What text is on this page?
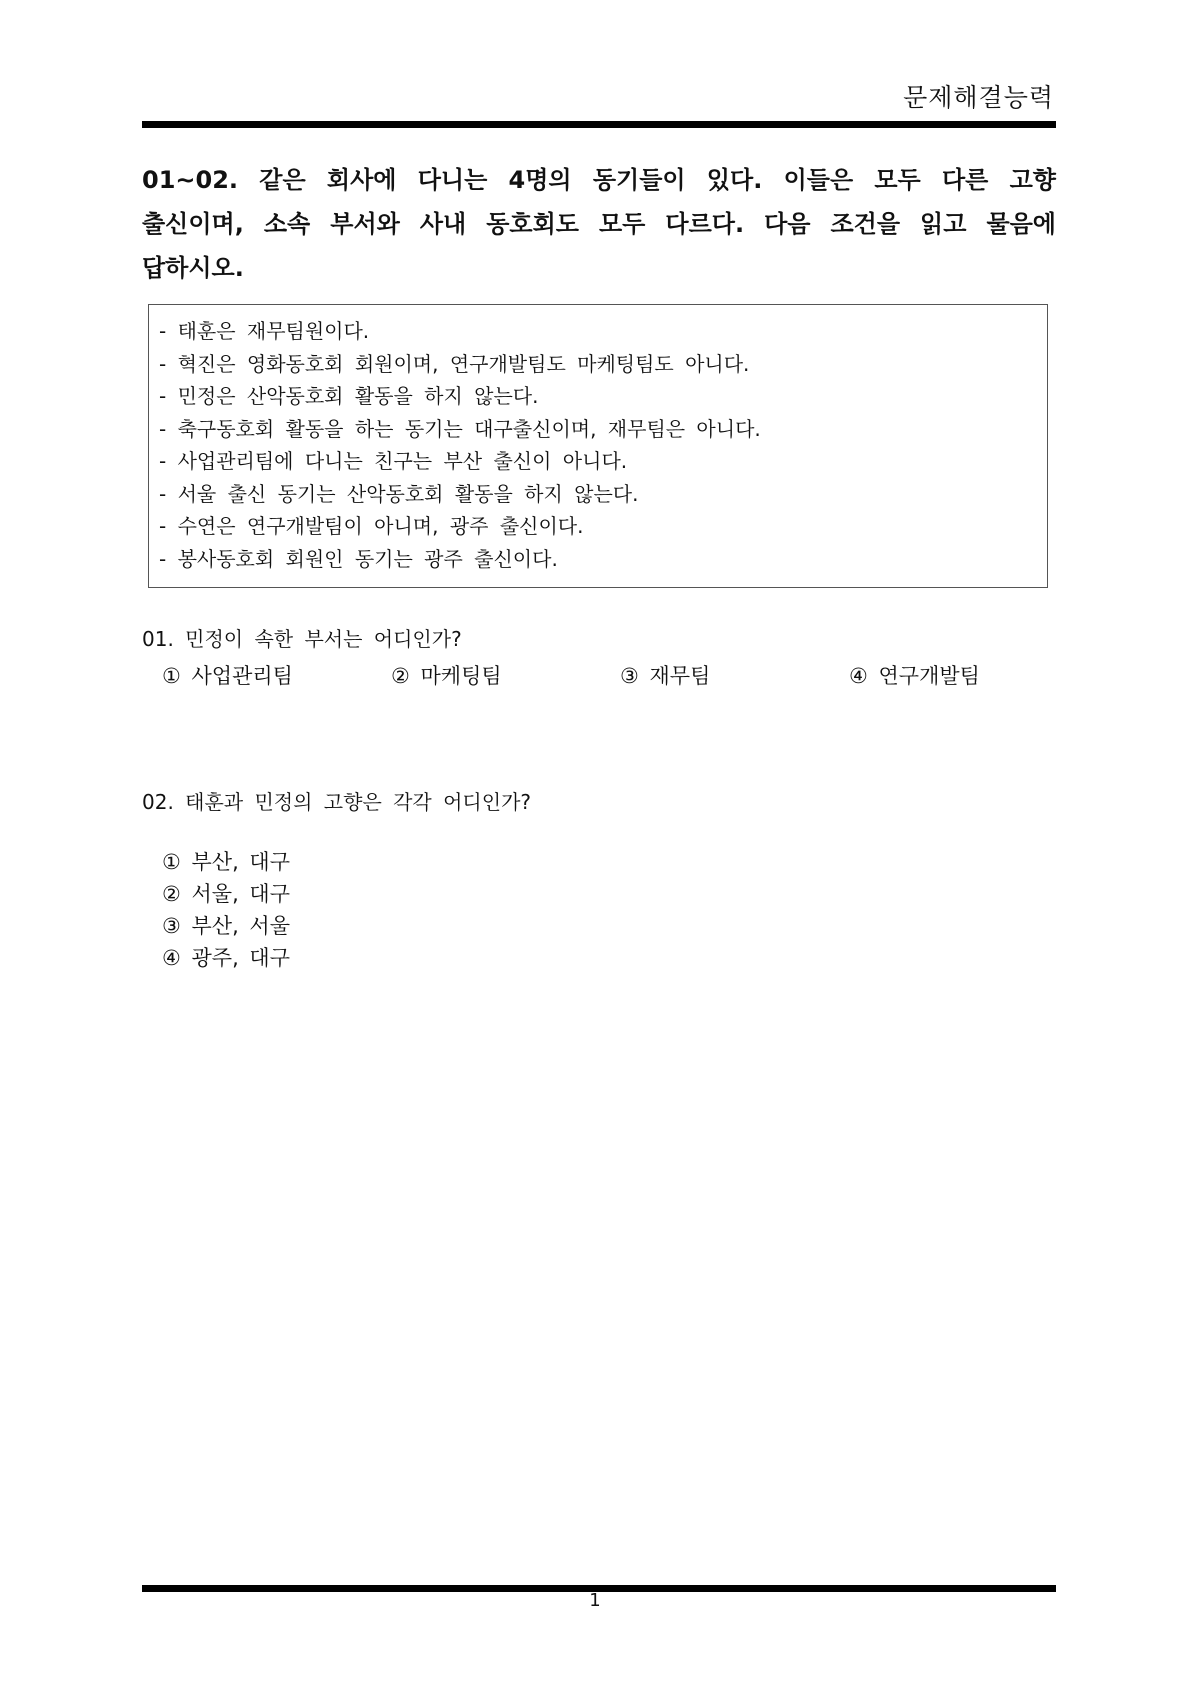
문제해결능력
01~02. 같은 회사에 다니는 4명의 동기들이 있다. 이들은 모두 다른 고향 출신이며, 소속 부서와 사내 동호회도 모두 다르다. 다음 조건을 읽고 물음에 답하시오.
- 태훈은 재무팀원이다.
- 혁진은 영화동호회 회원이며, 연구개발팀도 마케팅팀도 아니다.
- 민정은 산악동호회 활동을 하지 않는다.
- 축구동호회 활동을 하는 동기는 대구출신이며, 재무팀은 아니다.
- 사업관리팀에 다니는 친구는 부산 출신이 아니다.
- 서울 출신 동기는 산악동호회 활동을 하지 않는다.
- 수연은 연구개발팀이 아니며, 광주 출신이다.
- 봉사동호회 회원인 동기는 광주 출신이다.
01. 민정이 속한 부서는 어디인가?
① 사업관리팀	② 마케팅팀	③ 재무팀	④ 연구개발팀
02. 태훈과 민정의 고향은 각각 어디인가?
① 부산, 대구
② 서울, 대구
③ 부산, 서울
④ 광주, 대구
1
